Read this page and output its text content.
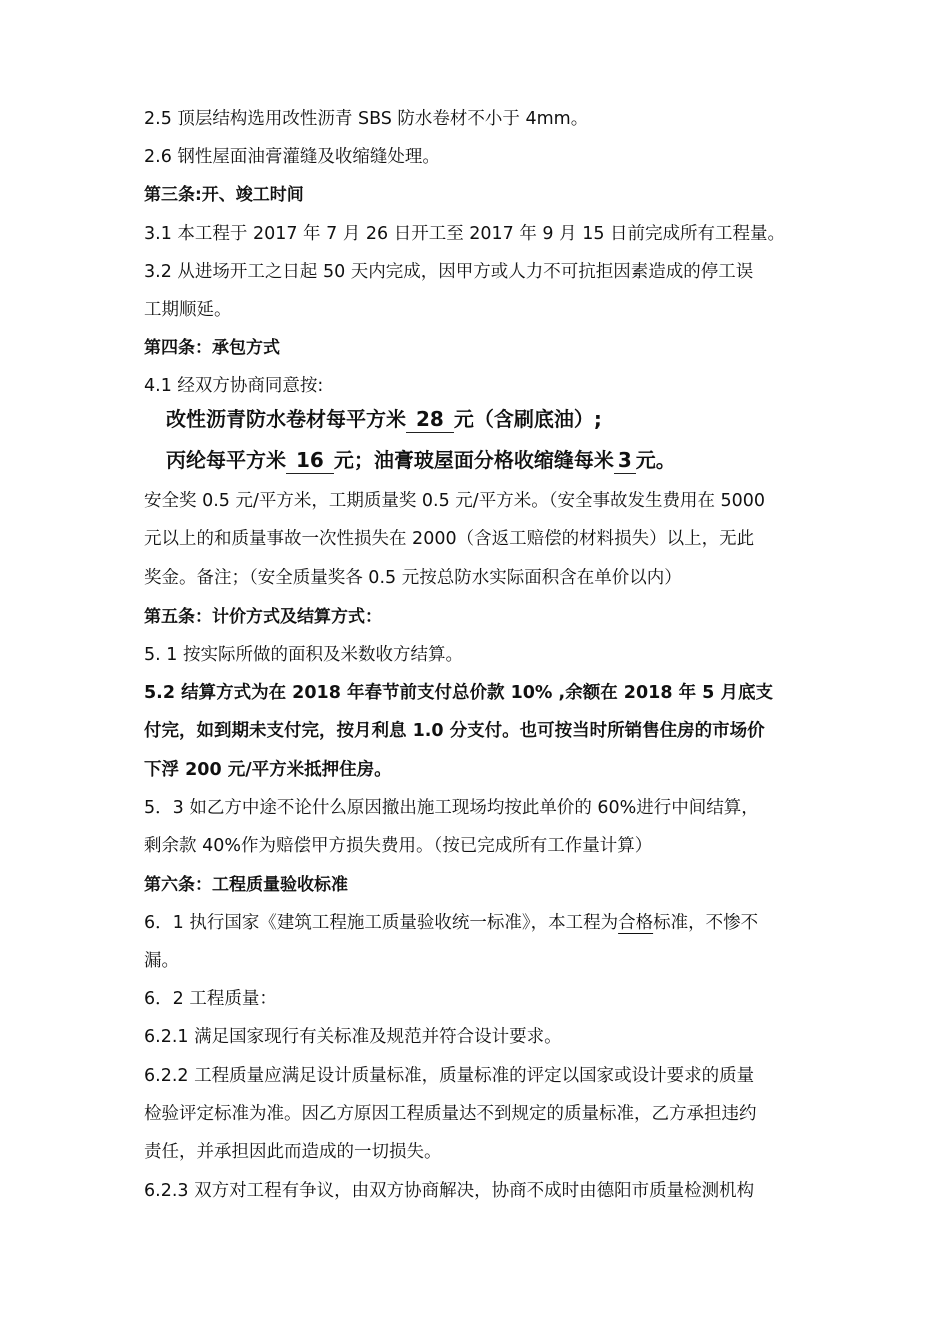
2.5 顶层结构选用改性沥青 SBS 防水卷材不小于 4mm。
2.6 钢性屋面油膏灌缝及收缩缝处理。
第三条:开、竣工时间
3.1 本工程于 2017 年 7 月 26 日开工至 2017 年 9 月 15 日前完成所有工程量。
3.2 从进场开工之日起 50 天内完成，因甲方或人力不可抗拒因素造成的停工误
工期顺延。
第四条：承包方式
4.1 经双方协商同意按:
改性沥青防水卷材每平方米 28 元（含刷底油）;
丙纶每平方米 16 元；油膏玻屋面分格收缩缝每米 3 元。
安全奖 0.5 元/平方米，工期质量奖 0.5 元/平方米。（安全事故发生费用在 5000
元以上的和质量事故一次性损失在 2000（含返工赔偿的材料损失）以上，无此
奖金。备注；（安全质量奖各 0.5 元按总防水实际面积含在单价以内）
第五条：计价方式及结算方式：
5. 1 按实际所做的面积及米数收方结算。
5.2 结算方式为在 2018 年春节前支付总价款 10% ,余额在 2018 年 5 月底支
付完，如到期未支付完，按月利息 1.0 分支付。也可按当时所销售住房的市场价
下浮 200 元/平方米抵押住房。
5．3 如乙方中途不论什么原因撤出施工现场均按此单价的 60%进行中间结算，
剩余款 40%作为赔偿甲方损失费用。（按已完成所有工作量计算）
第六条：工程质量验收标准
6．1 执行国家《建筑工程施工质量验收统一标准》，本工程为合格标准，不惨不
漏。
6．2 工程质量：
6.2.1 满足国家现行有关标准及规范并符合设计要求。
6.2.2 工程质量应满足设计质量标准，质量标准的评定以国家或设计要求的质量
检验评定标准为准。因乙方原因工程质量达不到规定的质量标准，乙方承担违约
责任，并承担因此而造成的一切损失。
6.2.3 双方对工程有争议，由双方协商解决，协商不成时由德阳市质量检测机构
